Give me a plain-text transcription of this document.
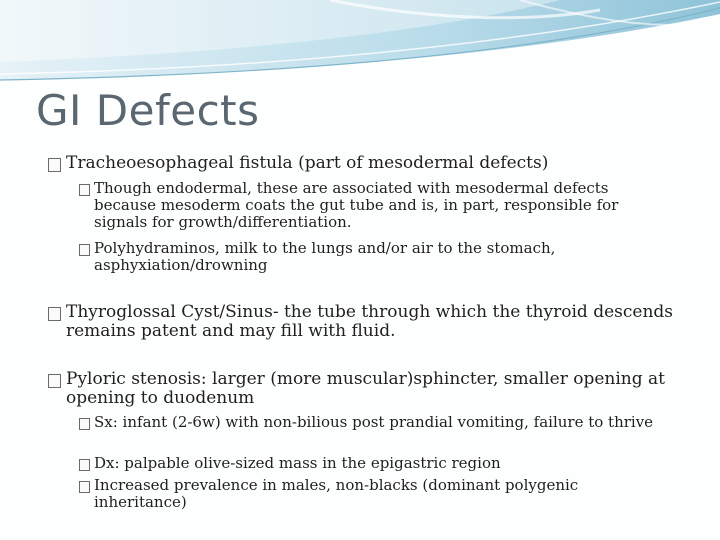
GI Defects
Tracheoesophageal fistula (part of mesodermal defects)
Though endodermal, these are associated with mesodermal defects because mesoderm coats the gut tube and is, in part, responsible for signals for growth/differentiation.
Polyhydraminos, milk to the lungs and/or air to the stomach, asphyxiation/drowning
Thyroglossal Cyst/Sinus- the tube through which the thyroid descends remains patent and may fill with fluid.
Pyloric stenosis: larger (more muscular)sphincter, smaller opening at opening to duodenum
Sx: infant (2-6w) with non-bilious post prandial vomiting, failure to thrive
Dx: palpable olive-sized mass in the epigastric region
Increased prevalence in males, non-blacks (dominant polygenic inheritance)
